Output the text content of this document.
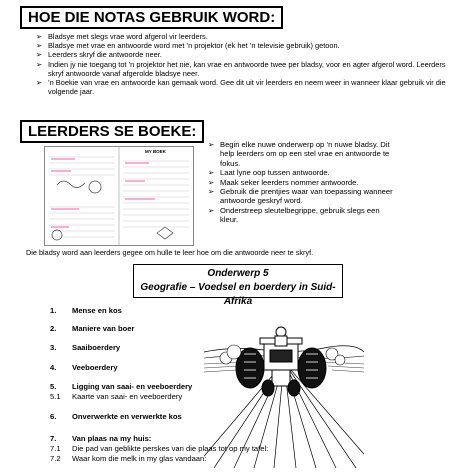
HOE DIE NOTAS GEBRUIK WORD:
➢ Bladsye met slegs vrae word afgerol vir leerders.
➢ Bladsye met vrae en antwoorde word met ’n projektor (ek het ’n televisie gebruik) getoon.
➢ Leerders skryf die antwoorde neer.
➢ Indien jy nie toegang tot ’n projektor het nie, kan vrae en antwoorde twee per bladsy, voor en agter afgerol word. Leerders skryf antwoorde vanaf afgerolde bladsye neer.
➢ ’n Boekie van vrae en antwoorde kan gemaak word. Gee dit uit vir leerders en neem weer in wanneer klaar gebruik vir die volgende jaar.
LEERDERS SE BOEKE:
MY BOEK
➢ Begin elke nuwe onderwerp op ’n nuwe bladsy. Dit help leerders om op een stel vrae en antwoorde te fokus.
➢ Laat lyne oop tussen antwoorde.
➢ Maak seker leerders nommer antwoorde.
➢ Gebruik die prentjies waar van toepassing wanneer antwoorde geskryf word.
➢ Onderstreep sleutelbegrippe, gebruik slegs een kleur.
Die bladsy word aan leerders gegee om hulle te leer hoe om die antwoorde neer te skryf.
Onderwerp 5
Geografie – Voedsel en boerdery in Suid-Afrika
1. Mense en kos
2. Maniere van boer
3. Saaiboerdery
4. Veeboerdery
5. Ligging van saai- en veeboerdery
5.1 Kaarte van saai- en veeboerdery
6. Onverwerkte en verwerkte kos
7. Van plaas na my huis:
7.1 Die pad van geblikte perskes van die plaas tot op my tafel:
7.2 Waar kom die melk in my glas vandaan:
